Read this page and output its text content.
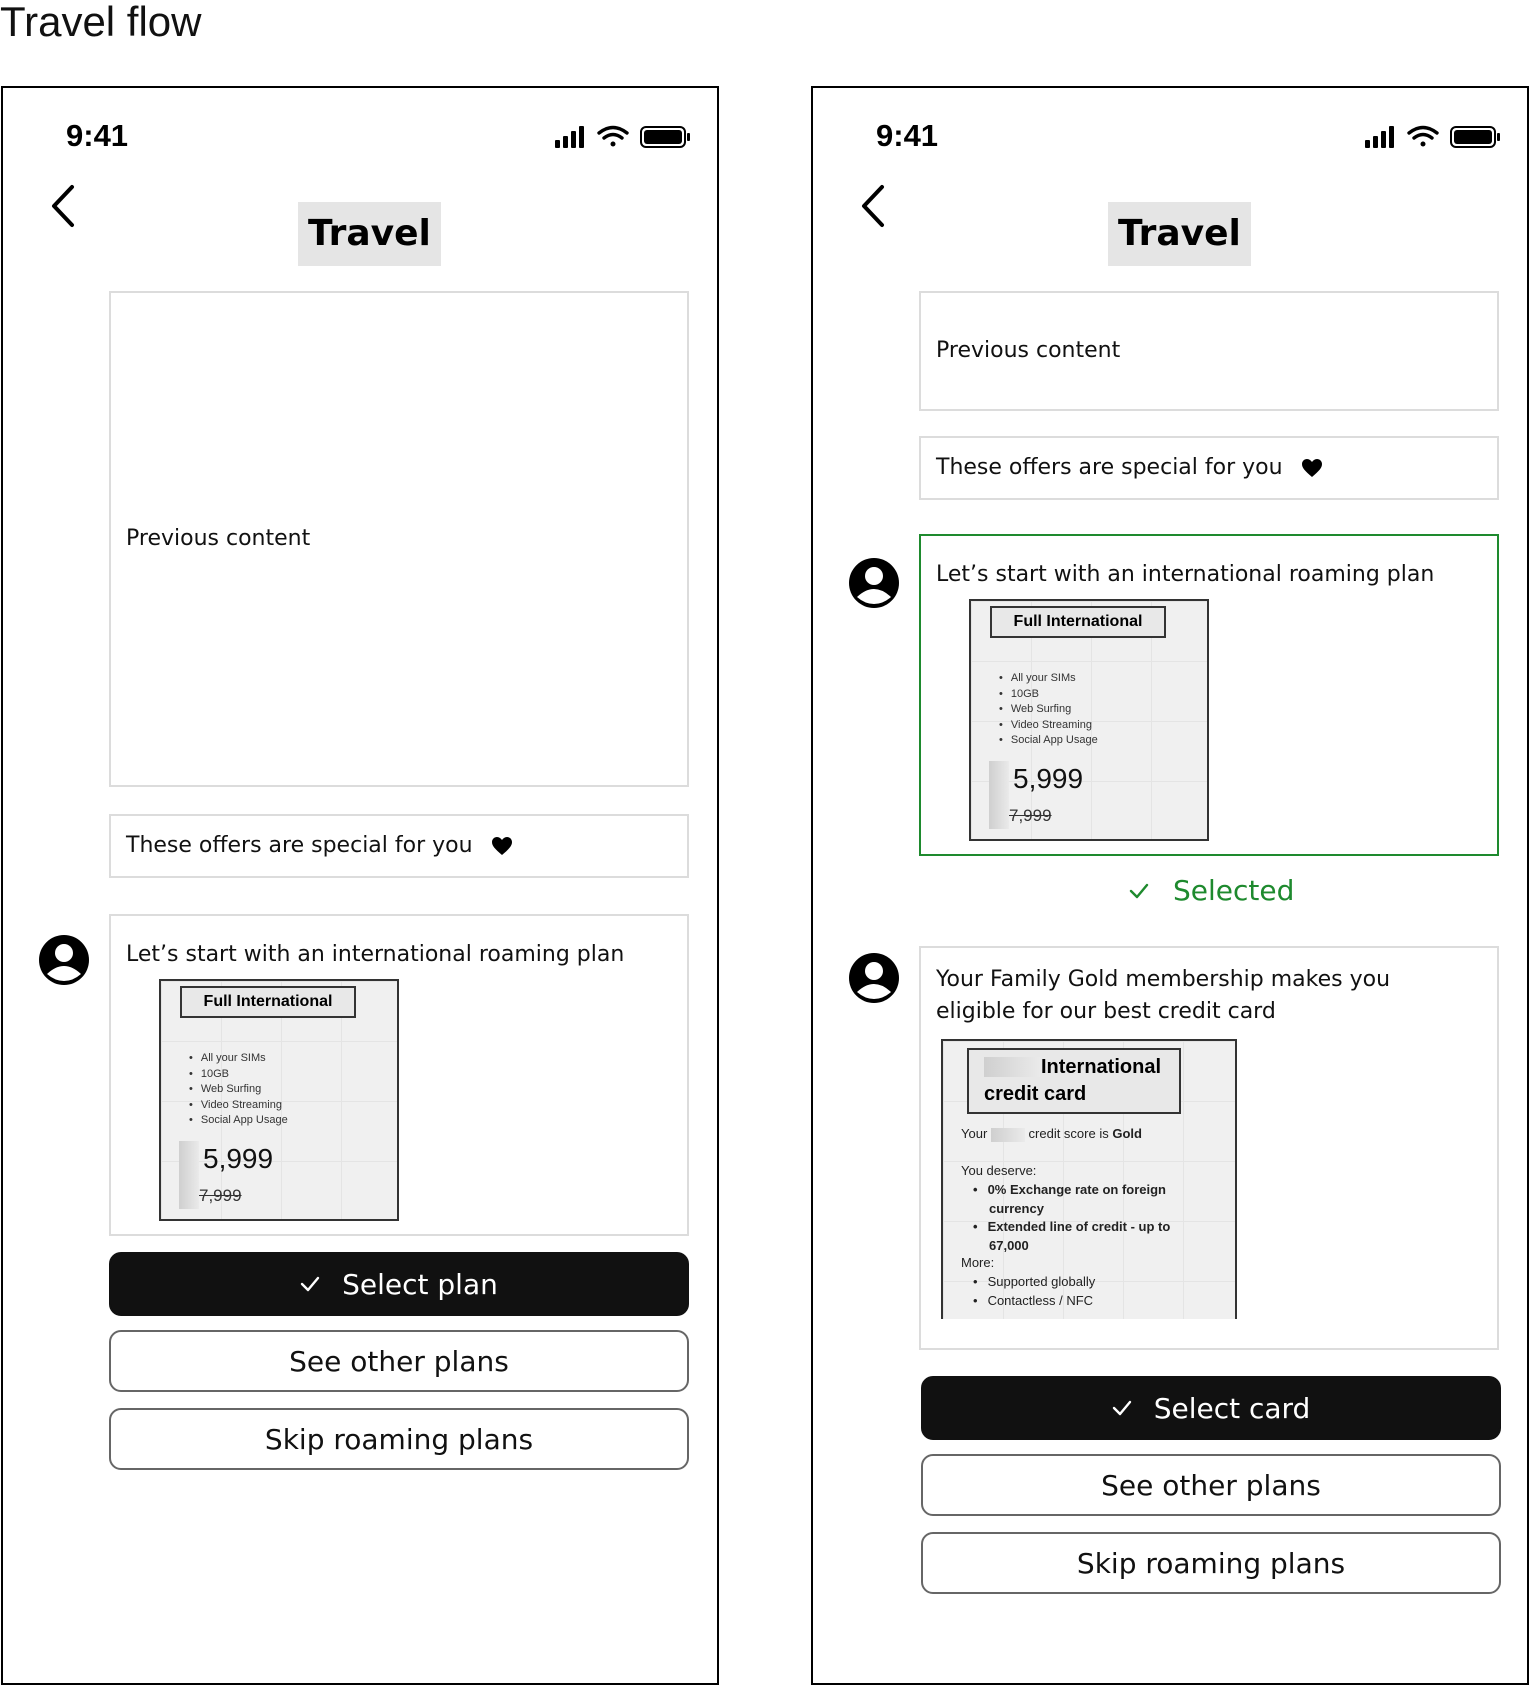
Travel flow
9:41
Travel
Previous content
These offers are special for you
Let’s start with an international roaming plan
Full International
• All your SIMs
• 10GB
• Web Surfing
• Video Streaming
• Social App Usage
5,999
7,999
Select plan
See other plans
Skip roaming plans
9:41
Travel
Previous content
These offers are special for you
Let’s start with an international roaming plan
Full International
• All your SIMs
• 10GB
• Web Surfing
• Video Streaming
• Social App Usage
5,999
7,999
Selected
Your Family Gold membership makes you
eligible for our best credit card
International
credit card
Your	credit score is Gold
You deserve:
• 0% Exchange rate on foreign currency
• Extended line of credit - up to 67,000
More:
• Supported globally
• Contactless / NFC
Select card
See other plans
Skip roaming plans
